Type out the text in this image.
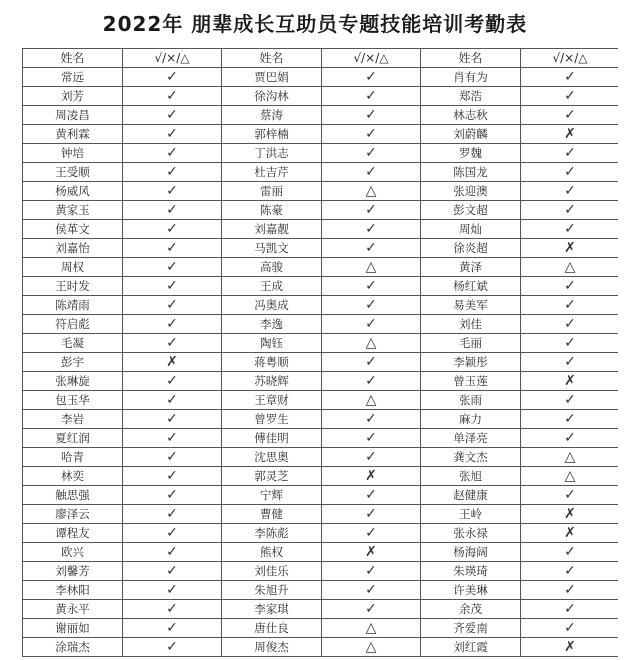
2022年 朋辈成长互助员专题技能培训考勤表
姓名	√/×/△	姓名	√/×/△	姓名	√/×/△
常远	✓	贾巴娟	✓	肖有为	✓
刘芳	✓	徐沟林	✓	郑浩	✓
周凌昌	✓	蔡涛	✓	林志秋	✓
黄利霖	✓	郭梓楠	✓	刘蔚麟	✗
钟培	✓	丁洪志	✓	罗魏	✓
王受顺	✓	杜吉芹	✓	陈国龙	✓
杨威风	✓	雷丽	△	张迎澳	✓
黄家玉	✓	陈豪	✓	彭文超	✓
侯革文	✓	刘嘉靓	✓	周灿	✓
刘嘉怡	✓	马凯文	✓	徐炎超	✗
周权	✓	高骏	△	黄泽	△
王时发	✓	王成	✓	杨红斌	✓
陈靖雨	✓	冯奥成	✓	易美军	✓
符启彪	✓	李逸	✓	刘佳	✓
毛凝	✓	陶钰	△	毛丽	✓
彭宇	✗	蒋粤顺	✓	李颖彤	✓
张琳旋	✓	苏晓辉	✓	曾玉莲	✗
包玉华	✓	王章财	△	张雨	✓
李岩	✓	曾罗生	✓	麻力	✓
夏红润	✓	傅佳明	✓	单泽亮	✓
哈青	✓	沈思奥	✓	龚文杰	△
林奕	✓	郭灵芝	✗	张旭	△
触思强	✓	宁辉	✓	赵健康	✓
廖泽云	✓	曹健	✓	王岭	✗
谭程友	✓	李陈彪	✓	张永禄	✗
欧兴	✓	熊权	✗	杨海阔	✓
刘馨芳	✓	刘佳乐	✓	朱瑛琦	✓
李林阳	✓	朱旭升	✓	许美琳	✓
黄永平	✓	李家琪	✓	余茂	✓
谢丽如	✓	唐仕良	△	齐爱南	✓
涂瑞杰	✓	周俊杰	△	刘红霞	✗
